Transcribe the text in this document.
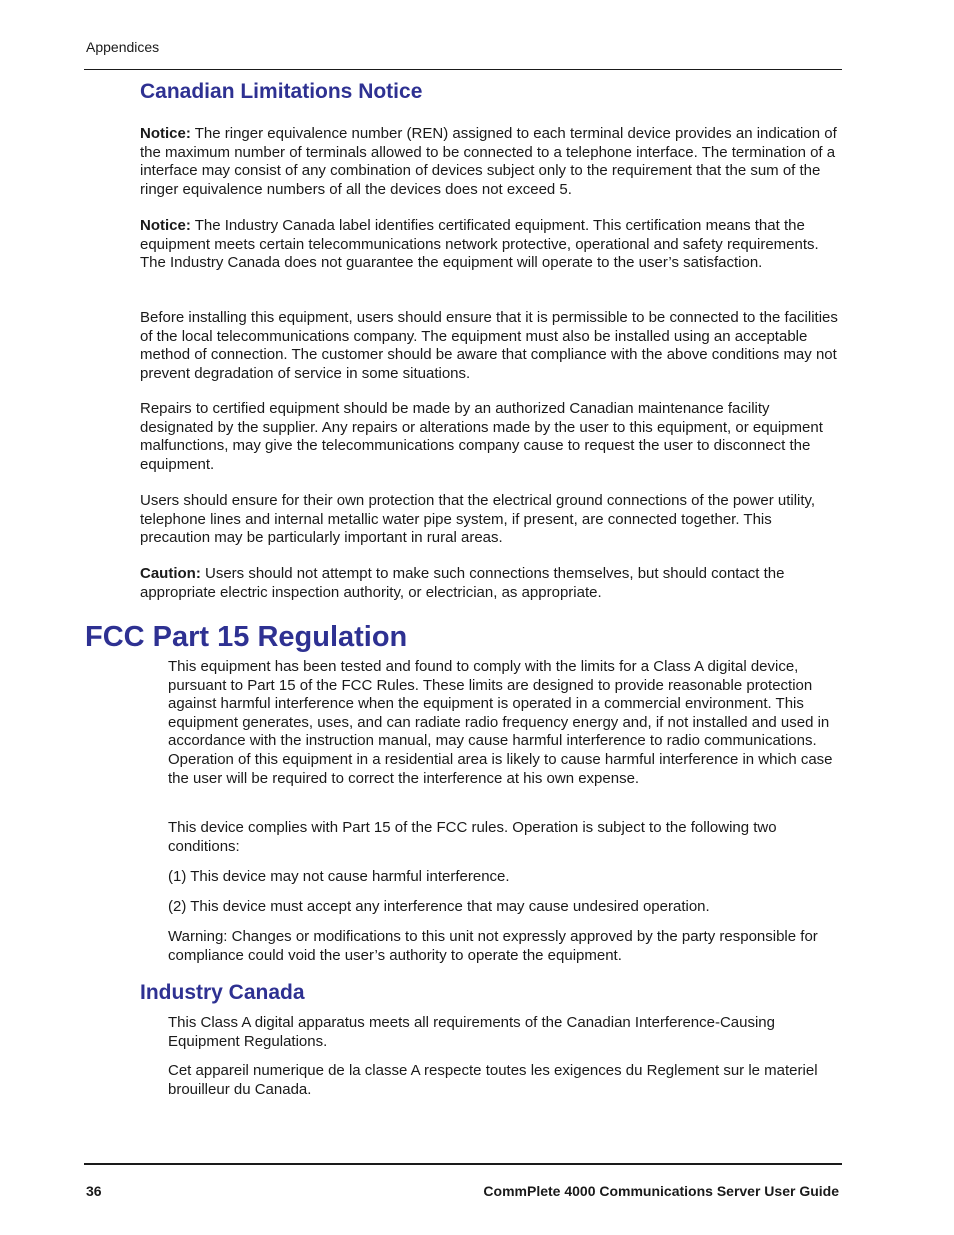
Appendices
Canadian Limitations Notice

Notice: The ringer equivalence number (REN) assigned to each terminal device provides an indication of the maximum number of terminals allowed to be connected to a telephone interface. The termination of a interface may consist of any combination of devices subject only to the requirement that the sum of the ringer equivalence numbers of all the devices does not exceed 5.

Notice: The Industry Canada label identifies certificated equipment. This certification means that the equipment meets certain telecommunications network protective, operational and safety requirements. The Industry Canada does not guarantee the equipment will operate to the user’s satisfaction.

Before installing this equipment, users should ensure that it is permissible to be connected to the facilities of the local telecommunications company. The equipment must also be installed using an acceptable method of connection. The customer should be aware that compliance with the above conditions may not prevent degradation of service in some situations.

Repairs to certified equipment should be made by an authorized Canadian maintenance facility designated by the supplier. Any repairs or alterations made by the user to this equipment, or equipment malfunctions, may give the telecommunications company cause to request the user to disconnect the equipment.

Users should ensure for their own protection that the electrical ground connections of the power utility, telephone lines and internal metallic water pipe system, if present, are connected together. This precaution may be particularly important in rural areas.

Caution: Users should not attempt to make such connections themselves, but should contact the appropriate electric inspection authority, or electrician, as appropriate.

FCC Part 15 Regulation

This equipment has been tested and found to comply with the limits for a Class A digital device, pursuant to Part 15 of the FCC Rules. These limits are designed to provide reasonable protection against harmful interference when the equipment is operated in a commercial environment. This equipment generates, uses, and can radiate radio frequency energy and, if not installed and used in accordance with the instruction manual, may cause harmful interference to radio communications. Operation of this equipment in a residential area is likely to cause harmful interference in which case the user will be required to correct the interference at his own expense.

This device complies with Part 15 of the FCC rules. Operation is subject to the following two conditions:

(1) This device may not cause harmful interference.

(2) This device must accept any interference that may cause undesired operation.

Warning: Changes or modifications to this unit not expressly approved by the party responsible for compliance could void the user’s authority to operate the equipment.

Industry Canada

This Class A digital apparatus meets all requirements of the Canadian Interference-Causing Equipment Regulations.

Cet appareil numerique de la classe A respecte toutes les exigences du Reglement sur le materiel brouilleur du Canada.

36	CommPlete 4000 Communications Server User Guide
